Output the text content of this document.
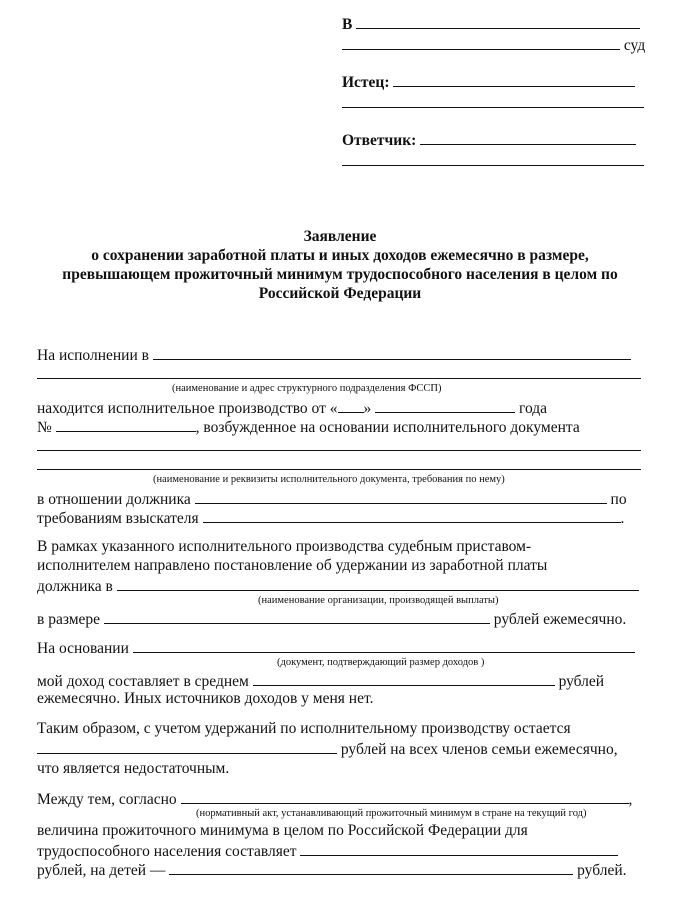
В
суд
Истец:
Ответчик:
Заявление
о сохранении заработной платы и иных доходов ежемесячно в размере,
превышающем прожиточный минимум трудоспособного населения в целом по
Российской Федерации
На исполнении в
(наименование и адрес структурного подразделения ФССП)
находится исполнительное производство от « »	года
№	, возбужденное на основании исполнительного документа
(наименование и реквизиты исполнительного документа, требования по нему)
в отношении должника	по
требованиям взыскателя	.
В рамках указанного исполнительного производства судебным приставом-
исполнителем направлено постановление об удержании из заработной платы
должника в
(наименование организации, производящей выплаты)
в размере	рублей ежемесячно.
На основании
(документ, подтверждающий размер доходов )
мой доход составляет в среднем	рублей
ежемесячно. Иных источников доходов у меня нет.
Таким образом, с учетом удержаний по исполнительному производству остается
рублей на всех членов семьи ежемесячно,
что является недостаточным.
Между тем, согласно	,
(нормативный акт, устанавливающий прожиточный минимум в стране на текущий год)
величина прожиточного минимума в целом по Российской Федерации для
трудоспособного населения составляет
рублей, на детей —	рублей.
